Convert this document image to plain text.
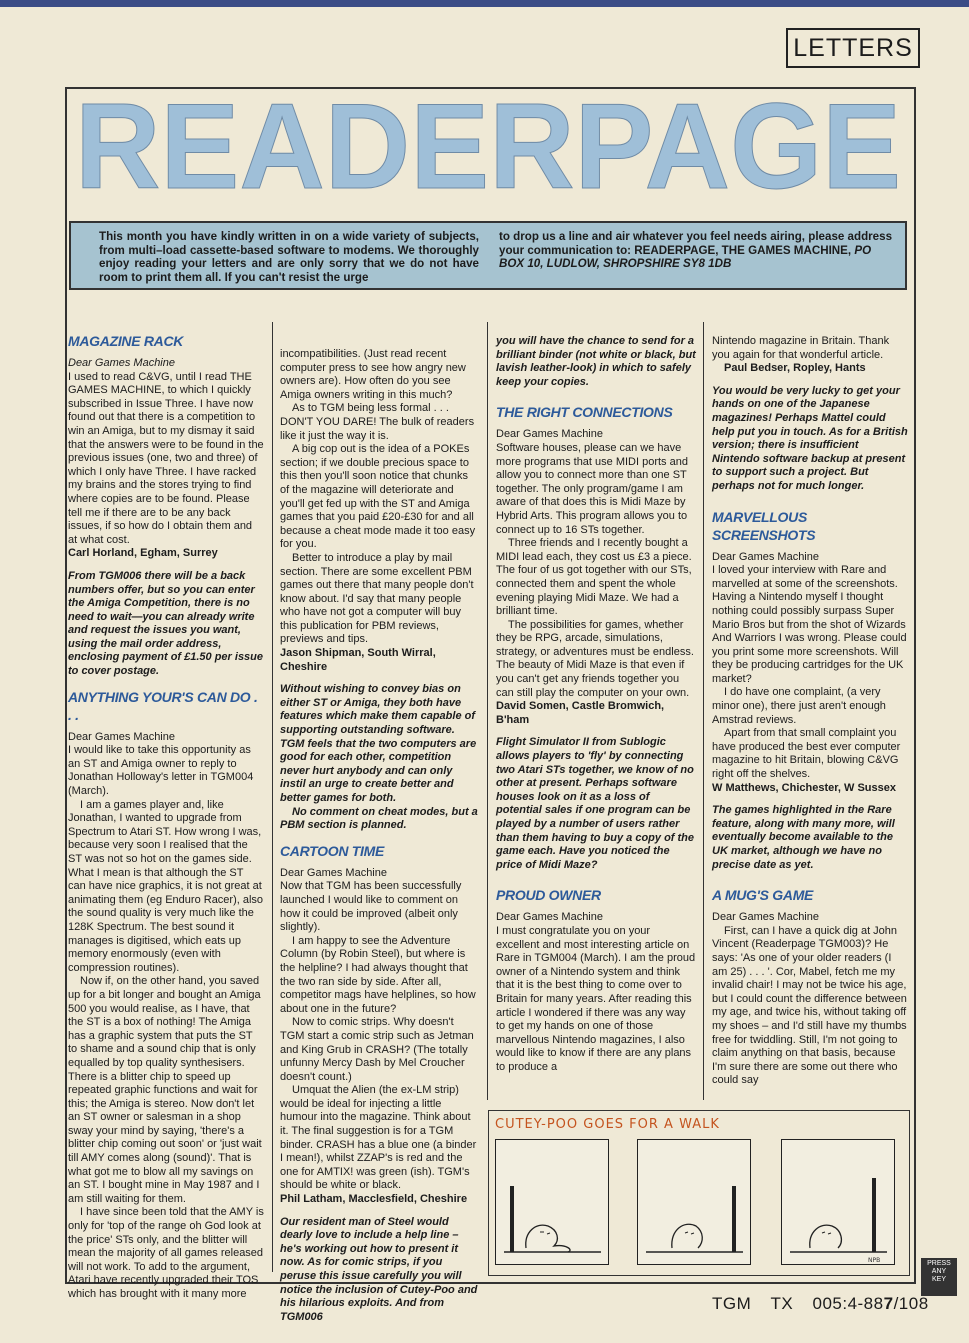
LETTERS
READERPAGE

This month you have kindly written in on a wide variety of subjects, from multi–load cassette-based software to modems. We thoroughly enjoy reading your letters and are only sorry that we do not have room to print them all. If you can't resist the urge

to drop us a line and air whatever you feel needs airing, please address your communication to: READERPAGE, THE GAMES MACHINE, PO BOX 10, LUDLOW, SHROPSHIRE SY8 1DB

MAGAZINE RACK

Dear Games Machine

I used to read C&VG, until I read THE GAMES MACHINE, to which I quickly subscribed in Issue Three. I have now found out that there is a competition to win an Amiga, but to my dismay it said that the answers were to be found in the previous issues (one, two and three) of which I only have Three. I have racked my brains and the stores trying to find where copies are to be found. Please tell me if there are to be any back issues, if so how do I obtain them and at what cost.

Carl Horland, Egham, Surrey

From TGM006 there will be a back numbers offer, but so you can enter the Amiga Competition, there is no need to wait—you can already write and request the issues you want, using the mail order address, enclosing payment of £1.50 per issue to cover postage.

ANYTHING YOUR'S CAN DO . . .

Dear Games Machine

I would like to take this opportunity as an ST and Amiga owner to reply to Jonathan Holloway's letter in TGM004 (March).

I am a games player and, like Jonathan, I wanted to upgrade from Spectrum to Atari ST. How wrong I was, because very soon I realised that the ST was not so hot on the games side. What I mean is that although the ST can have nice graphics, it is not great at animating them (eg Enduro Racer), also the sound quality is very much like the 128K Spectrum. The best sound it manages is digitised, which eats up memory enormously (even with compression routines).

Now if, on the other hand, you saved up for a bit longer and bought an Amiga 500 you would realise, as I have, that the ST is a box of nothing! The Amiga has a graphic system that puts the ST to shame and a sound chip that is only equalled by top quality synthesisers. There is a blitter chip to speed up repeated graphic functions and wait for this; the Amiga is stereo. Now don't let an ST owner or salesman in a shop sway your mind by saying, 'there's a blitter chip coming out soon' or 'just wait till AMY comes along (sound)'. That is what got me to blow all my savings on an ST. I bought mine in May 1987 and I am still waiting for them.

I have since been told that the AMY is only for 'top of the range oh God look at the price' STs only, and the blitter will mean the majority of all games released will not work. To add to the argument, Atari have recently upgraded their TOS which has brought with it many more

incompatibilities. (Just read recent computer press to see how angry new owners are). How often do you see Amiga owners writing in this much?

As to TGM being less formal . . . DON'T YOU DARE! The bulk of readers like it just the way it is.

A big cop out is the idea of a POKEs section; if we double precious space to this then you'll soon notice that chunks of the magazine will deteriorate and you'll get fed up with the ST and Amiga games that you paid £20-£30 for and all because a cheat mode made it too easy for you.

Better to introduce a play by mail section. There are some excellent PBM games out there that many people don't know about. I'd say that many people who have not got a computer will buy this publication for PBM reviews, previews and tips.

Jason Shipman, South Wirral, Cheshire

Without wishing to convey bias on either ST or Amiga, they both have features which make them capable of supporting outstanding software. TGM feels that the two computers are good for each other, competition never hurt anybody and can only instil an urge to create better and better games for both.

No comment on cheat modes, but a PBM section is planned.

CARTOON TIME

Dear Games Machine

Now that TGM has been successfully launched I would like to comment on how it could be improved (albeit only slightly).

I am happy to see the Adventure Column (by Robin Steel), but where is the helpline? I had always thought that the two ran side by side. After all, competitor mags have helplines, so how about one in the future?

Now to comic strips. Why doesn't TGM start a comic strip such as Jetman and King Grub in CRASH? (The totally unfunny Mercy Dash by Mel Croucher doesn't count.)

Umquat the Alien (the ex-LM strip) would be ideal for injecting a little humour into the magazine. Think about it. The final suggestion is for a TGM binder. CRASH has a blue one (a binder I mean!), whilst ZZAP's is red and the one for AMTIX! was green (ish). TGM's should be white or black.

Phil Latham, Macclesfield, Cheshire

Our resident man of Steel would dearly love to include a help line – he's working out how to present it now. As for comic strips, if you peruse this issue carefully you will notice the inclusion of Cutey-Poo and his hilarious exploits. And from TGM006

you will have the chance to send for a brilliant binder (not white or black, but lavish leather-look) in which to safely keep your copies.

THE RIGHT CONNECTIONS

Dear Games Machine

Software houses, please can we have more programs that use MIDI ports and allow you to connect more than one ST together. The only program/game I am aware of that does this is Midi Maze by Hybrid Arts. This program allows you to connect up to 16 STs together.

Three friends and I recently bought a MIDI lead each, they cost us £3 a piece. The four of us got together with our STs, connected them and spent the whole evening playing Midi Maze. We had a brilliant time.

The possibilities for games, whether they be RPG, arcade, simulations, strategy, or adventures must be endless. The beauty of Midi Maze is that even if you can't get any friends together you can still play the computer on your own.

David Somen, Castle Bromwich, B'ham

Flight Simulator II from Sublogic allows players to 'fly' by connecting two Atari STs together, we know of no other at present. Perhaps software houses look on it as a loss of potential sales if one program can be played by a number of users rather than them having to buy a copy of the game each. Have you noticed the price of Midi Maze?

PROUD OWNER

Dear Games Machine

I must congratulate you on your excellent and most interesting article on Rare in TGM004 (March). I am the proud owner of a Nintendo system and think that it is the best thing to come over to Britain for many years. After reading this article I wondered if there was any way to get my hands on one of those marvellous Nintendo magazines, I also would like to know if there are any plans to produce a

Nintendo magazine in Britain. Thank you again for that wonderful article.

Paul Bedser, Ropley, Hants

You would be very lucky to get your hands on one of the Japanese magazines! Perhaps Mattel could help put you in touch. As for a British version; there is insufficient Nintendo software backup at present to support such a project. But perhaps not for much longer.

MARVELLOUS SCREENSHOTS

Dear Games Machine

I loved your interview with Rare and marvelled at some of the screenshots. Having a Nintendo myself I thought nothing could possibly surpass Super Mario Bros but from the shot of Wizards And Warriors I was wrong. Please could you print some more screenshots. Will they be producing cartridges for the UK market?

I do have one complaint, (a very minor one), there just aren't enough Amstrad reviews.

Apart from that small complaint you have produced the best ever computer magazine to hit Britain, blowing C&VG right off the shelves.

W Matthews, Chichester, W Sussex

The games highlighted in the Rare feature, along with many more, will eventually become available to the UK market, although we have no precise date as yet.

A MUG'S GAME

Dear Games Machine

First, can I have a quick dig at John Vincent (Readerpage TGM003)? He says: 'As one of your older readers (I am 25) . . . '. Cor, Mabel, fetch me my invalid chair! I may not be twice his age, but I could count the difference between my age, and twice his, without taking off my shoes – and I'd still have my thumbs free for twiddling. Still, I'm not going to claim anything on that basis, because I'm sure there are some out there who could say

CUTEY-POO GOES FOR A WALK
NPB	PRESS
ANY
KEY
TGM TX 005:4-887/108
